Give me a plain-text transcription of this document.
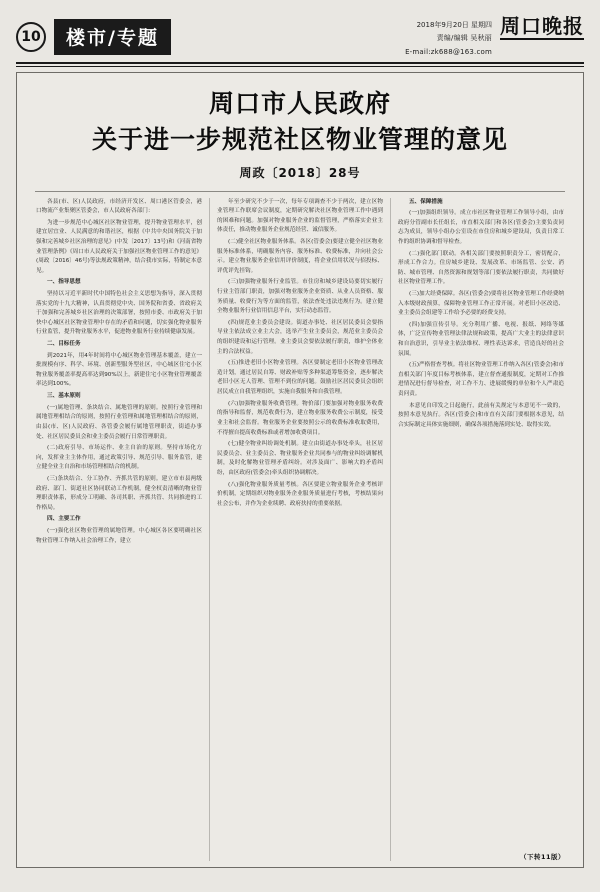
10	楼市/专题
2018年9月20日 星期四
责编/编辑 吴秋丽
E-mail:zk688@163.com
周口晚报
周口市人民政府
关于进一步规范社区物业管理的意见
周政〔2018〕28号

各县(市、区)人民政府，市经济开发区、周口港区管委会，港口物流产业集聚区管委会，市人民政府各部门：

为进一步规范中心城区社区物业管理，提升物业管理水平，创建宜居宜业、人民满意的和谐社区，根据《中共中央国务院关于加强和完善城乡社区治理的意见》(中发〔2017〕13号)和《河南省物业管理条例》《周口市人民政府关于加强社区物业管理工作的意见》(周政〔2016〕46号)等法规政策精神，结合我市实际，特制定本意见。

一、指导思想

坚持以习近平新时代中国特色社会主义思想为指导，深入贯彻落实党的十九大精神，认真贯彻党中央、国务院和省委、省政府关于加强和完善城乡社区治理的决策部署，按照市委、市政府关于加快中心城区社区物业管理中存在的矛盾和问题，切实强化物业服务行业监管，提升物业服务水平，促进物业服务行业持续健康发展。

二、目标任务

到2021年，用4年时间将中心城区物业管理基本覆盖，建立一批规模有序、科学、环境、创新型服务型社区，中心城区住宅小区物业服务覆盖率提高率达到90%以上，新建住宅小区物业管理覆盖率达到100%。

三、基本原则

(一)属地管理、条块结合、属地管理的原则。按照行业管理和属地管理相结合的原则，按照行业管理和属地管理相结合的原则，由县(市、区)人民政府、各管委会履行属地管理职责，街道办事处、社区居民委员会和业主委员会履行日常管理职责。

(二)政府引导、市场运作、业主自治的原则。坚持市场化方向，发挥业主主体作用，通过政策引导、规范引导、服务监管，建立健全业主自治和市场管理相结合的机制。

(三)条块结合、分工协作、齐抓共管的原则。建立市市县两级政府、部门、街道社区协同联动工作机制，健全权责清晰的物业管理职责体系，形成分工明确、各司其职、齐抓共管、共同推进的工作格局。

四、主要工作

(一)强化社区物业管理的属地管理。中心城区各区要明确社区物业管理工作纳入社会治理工作，建立

年至少研究不少于一次，每年专项调查不少于两次，建立区物业管理工作联席会议制度，定期研究解决社区物业管理工作中遇到的困难和问题。加强对物业服务企业的监督管理，严格落实企业主体责任，推动物业服务企业规范经营、诚信服务。

(二)健全社区物业服务体系。各区(管委会)要建立健全社区物业服务标准体系，明确服务内容、服务标准、收费标准，并向社会公示。建立物业服务企业信用评价制度，将企业信用状况与招投标、评优评先挂钩。

(三)加强物业服务行业监管。市住房和城乡建设局要切实履行行业主管部门职责，加强对物业服务企业资质、从业人员资格、服务质量、收费行为等方面的监管，依法查处违法违规行为。建立健全物业服务行业信用信息平台，实行动态监管。

(四)规范业主委员会建设。街道办事处、社区居民委员会要指导业主依法成立业主大会，选举产生业主委员会，规范业主委员会的组织建设和运行管理。业主委员会要依法履行职责，维护全体业主的合法权益。

(五)推进老旧小区物业管理。各区要制定老旧小区物业管理改造计划，通过居民自筹、财政补贴等多种渠道筹集资金，逐步解决老旧小区无人管理、管理不到位的问题。鼓励社区居民委员会组织居民成立自我管理组织，实施自我服务和自我管理。

(六)加强物业服务收费管理。物价部门要加强对物业服务收费的指导和监督，规范收费行为，建立物业服务收费公示制度，接受业主和社会监督。物业服务企业要按照公示的收费标准收取费用，不得擅自提高收费标准或者增加收费项目。

(七)健全物业纠纷调处机制。建立由街道办事处牵头，社区居民委员会、业主委员会、物业服务企业共同参与的物业纠纷调解机制，及时化解物业管理矛盾纠纷。对涉及面广、影响大的矛盾纠纷，由区政府(管委会)牵头组织协调解决。

(八)强化物业服务质量考核。各区要建立物业服务企业考核评价机制，定期组织对物业服务企业服务质量进行考核，考核结果向社会公布，并作为企业续聘、政府扶持的重要依据。

五、保障措施

(一)加强组织领导。成立市社区物业管理工作领导小组，由市政府分管副市长任组长，市直相关部门和各区(管委会)主要负责同志为成员，领导小组办公室设在市住房和城乡建设局，负责日常工作的组织协调和督导检查。

(二)强化部门联动。各相关部门要按照职责分工，密切配合，形成工作合力。住房城乡建设、发展改革、市场监管、公安、消防、城市管理、自然资源和规划等部门要依法履行职责，共同做好社区物业管理工作。

(三)加大经费保障。各区(管委会)要将社区物业管理工作经费纳入本级财政预算，保障物业管理工作正常开展。对老旧小区改造、业主委员会组建等工作给予必要的经费支持。

(四)加强宣传引导。充分利用广播、电视、报纸、网络等媒体，广泛宣传物业管理法律法规和政策，提高广大业主的法律意识和自治意识，引导业主依法维权、理性表达诉求，营造良好的社会氛围。

(五)严格督查考核。将社区物业管理工作纳入各区(管委会)和市直相关部门年度目标考核体系，建立督查通报制度，定期对工作推进情况进行督导检查，对工作不力、进展缓慢的单位和个人严肃追责问责。

本意见自印发之日起施行，此前有关规定与本意见不一致的，按照本意见执行。各区(管委会)和市直有关部门要根据本意见，结合实际制定具体实施细则，确保各项措施落到实处、取得实效。

（下转11版）
